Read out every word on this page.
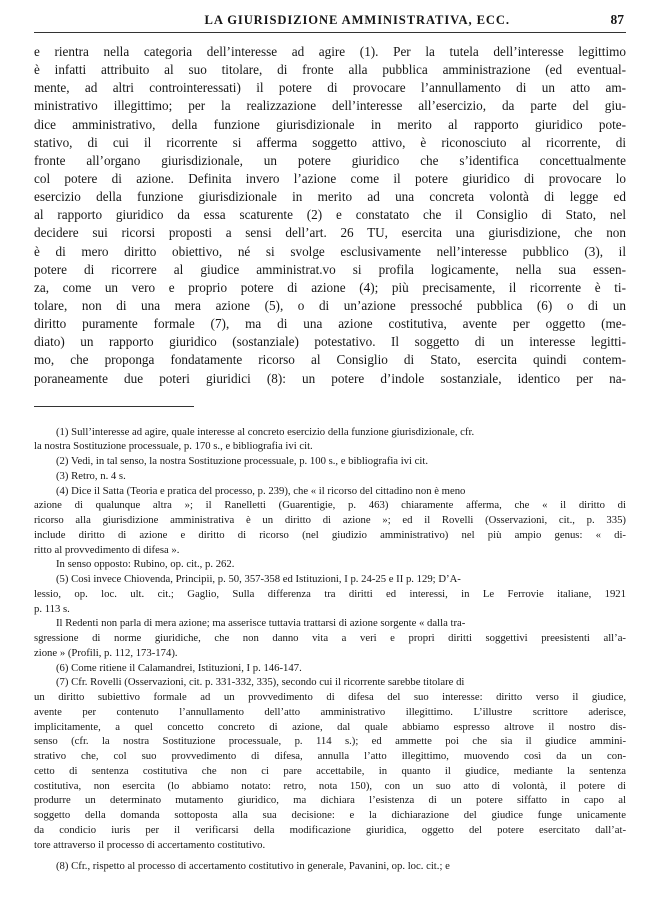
LA GIURISDIZIONE AMMINISTRATIVA, ECC.	87

e rientra nella categoria dell’interesse ad agire (1). Per la tutela dell’interesse legittimo

è infatti attribuito al suo titolare, di fronte alla pubblica amministrazione (ed eventual-

mente, ad altri controinteressati) il potere di provocare l’annullamento di un atto am-

ministrativo illegittimo; per la realizzazione dell’interesse all’esercizio, da parte del giu-

dice amministrativo, della funzione giurisdizionale in merito al rapporto giuridico pote-

stativo, di cui il ricorrente si afferma soggetto attivo, è riconosciuto al ricorrente, di

fronte all’organo giurisdizionale, un potere giuridico che s’identifica concettualmente

col potere di azione. Definita invero l’azione come il potere giuridico di provocare lo

esercizio della funzione giurisdizionale in merito ad una concreta volontà di legge ed

al rapporto giuridico da essa scaturente (2) e constatato che il Consiglio di Stato, nel

decidere sui ricorsi proposti a sensi dell’art. 26 TU, esercita una giurisdizione, che non

è di mero diritto obiettivo, né si svolge esclusivamente nell’interesse pubblico (3), il

potere di ricorrere al giudice amministrat.vo si profila logicamente, nella sua essen-

za, come un vero e proprio potere di azione (4); più precisamente, il ricorrente è ti-

tolare, non di una mera azione (5), o di un’azione pressoché pubblica (6) o di un

diritto puramente formale (7), ma di una azione costitutiva, avente per oggetto (me-

diato) un rapporto giuridico (sostanziale) potestativo. Il soggetto di un interesse legitti-

mo, che proponga fondatamente ricorso al Consiglio di Stato, esercita quindi contem-

poraneamente due poteri giuridici (8): un potere d’indole sostanziale, identico per na-

(1) Sull’interesse ad agire, quale interesse al concreto esercizio della funzione giurisdizionale, cfr.

la nostra Sostituzione processuale, p. 170 s., e bibliografia ivi cit.

(2) Vedi, in tal senso, la nostra Sostituzione processuale, p. 100 s., e bibliografia ivi cit.

(3) Retro, n. 4 s.

(4) Dice il Satta (Teoria e pratica del processo, p. 239), che « il ricorso del cittadino non è meno

azione di qualunque altra »; il Ranelletti (Guarentigie, p. 463) chiaramente afferma, che « il diritto di

ricorso alla giurisdizione amministrativa è un diritto di azione »; ed il Rovelli (Osservazioni, cit., p. 335)

include diritto di azione e diritto di ricorso (nel giudizio amministrativo) nel più ampio genus: « di-

ritto al provvedimento di difesa ».

In senso opposto: Rubino, op. cit., p. 262.

(5) Così invece Chiovenda, Principii, p. 50, 357-358 ed Istituzioni, I p. 24-25 e II p. 129; D’A-

lessio, op. loc. ult. cit.; Gaglio, Sulla differenza tra diritti ed interessi, in Le Ferrovie italiane, 1921

p. 113 s.

Il Redenti non parla di mera azione; ma asserisce tuttavia trattarsi di azione sorgente « dalla tra-

sgressione di norme giuridiche, che non danno vita a veri e propri diritti soggettivi preesistenti all’a-

zione » (Profili, p. 112, 173-174).

(6) Come ritiene il Calamandrei, Istituzioni, I p. 146-147.

(7) Cfr. Rovelli (Osservazioni, cit. p. 331-332, 335), secondo cui il ricorrente sarebbe titolare di

un diritto subiettivo formale ad un provvedimento di difesa del suo interesse: diritto verso il giudice,

avente per contenuto l’annullamento dell’atto amministrativo illegittimo. L’illustre scrittore aderisce,

implicitamente, a quel concetto concreto di azione, dal quale abbiamo espresso altrove il nostro dis-

senso (cfr. la nostra Sostituzione processuale, p. 114 s.); ed ammette poi che sia il giudice ammini-

strativo che, col suo provvedimento di difesa, annulla l’atto illegittimo, muovendo così da un con-

cetto di sentenza costitutiva che non ci pare accettabile, in quanto il giudice, mediante la sentenza

costitutiva, non esercita (lo abbiamo notato: retro, nota 150), con un suo atto di volontà, il potere di

produrre un determinato mutamento giuridico, ma dichiara l’esistenza di un potere siffatto in capo al

soggetto della domanda sottoposta alla sua decisione: e la dichiarazione del giudice funge unicamente

da condicio iuris per il verificarsi della modificazione giuridica, oggetto del potere esercitato dall’at-

tore attraverso il processo di accertamento costitutivo.

(8) Cfr., rispetto al processo di accertamento costitutivo in generale, Pavanini, op. loc. cit.; e
